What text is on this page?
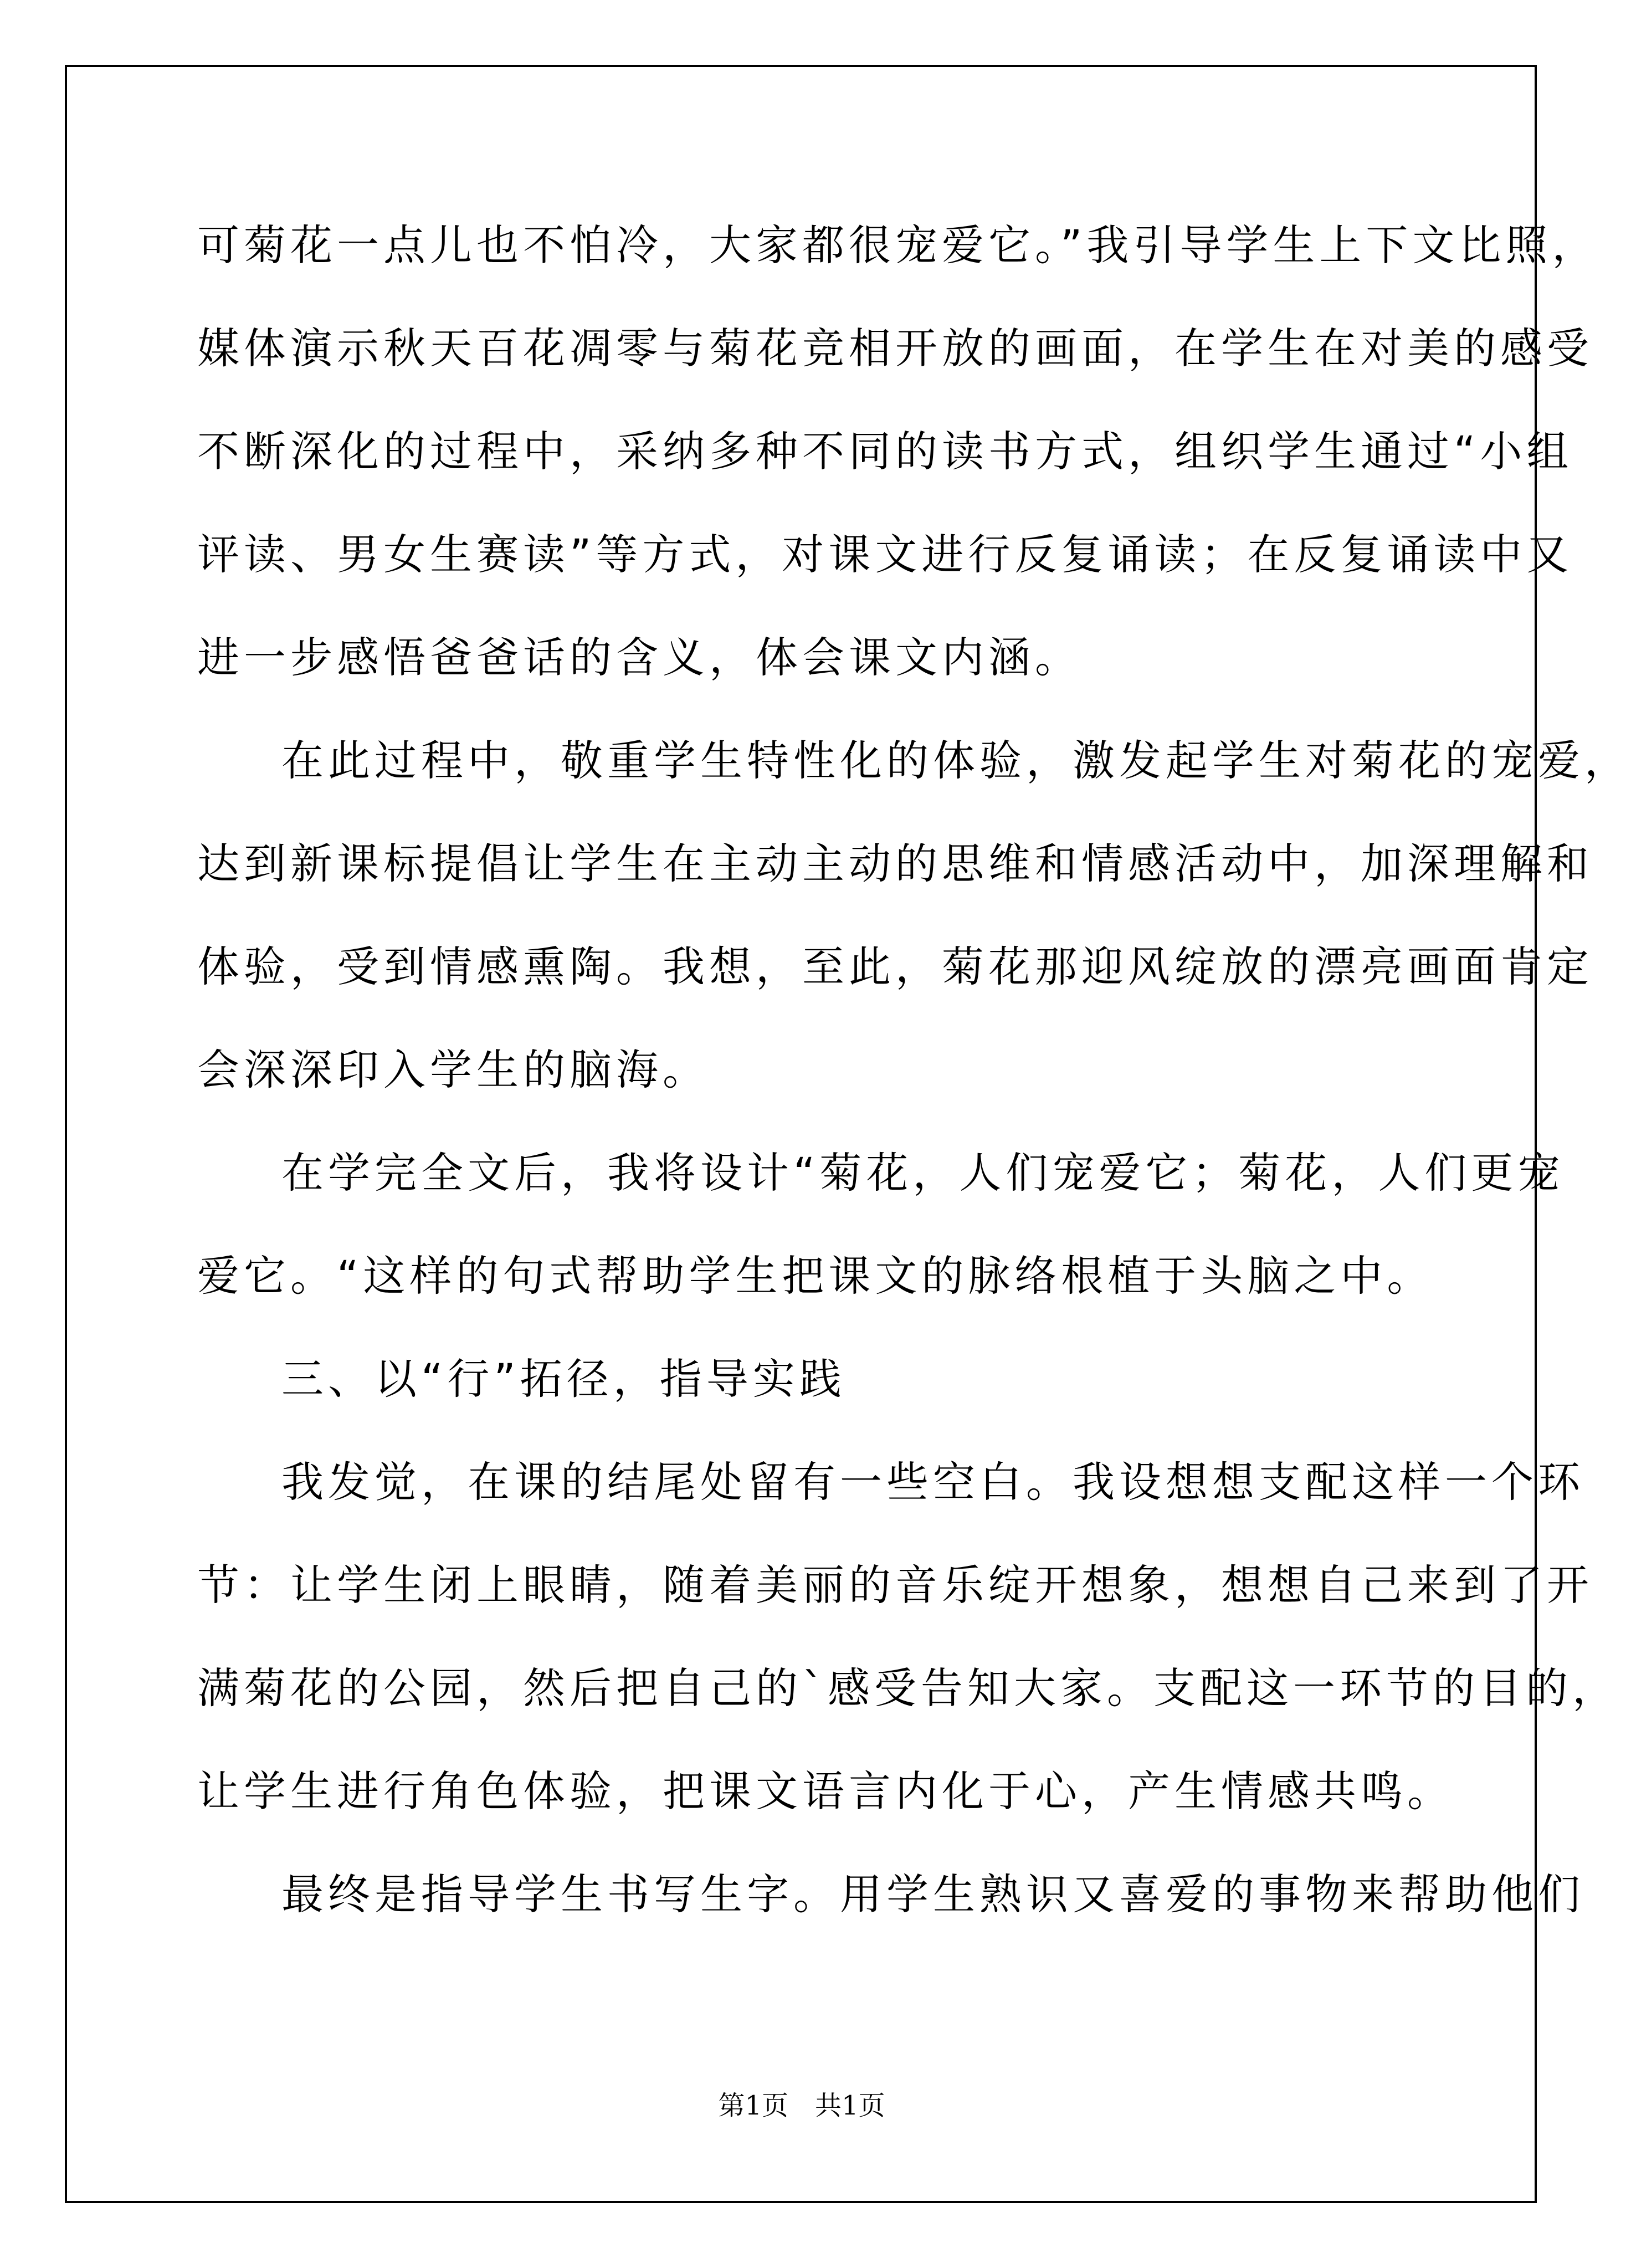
可菊花一点儿也不怕冷，大家都很宠爱它。”我引导学生上下文比照，
媒体演示秋天百花凋零与菊花竞相开放的画面，在学生在对美的感受
不断深化的过程中，采纳多种不同的读书方式，组织学生通过“小组
评读、男女生赛读”等方式，对课文进行反复诵读；在反复诵读中又
进一步感悟爸爸话的含义，体会课文内涵。
在此过程中，敬重学生特性化的体验，激发起学生对菊花的宠爱，
达到新课标提倡让学生在主动主动的思维和情感活动中，加深理解和
体验，受到情感熏陶。我想，至此，菊花那迎风绽放的漂亮画面肯定
会深深印入学生的脑海。
在学完全文后，我将设计“菊花，人们宠爱它；菊花，人们更宠
爱它。“这样的句式帮助学生把课文的脉络根植于头脑之中。
三、以“行”拓径，指导实践
我发觉，在课的结尾处留有一些空白。我设想想支配这样一个环
节：让学生闭上眼睛，随着美丽的音乐绽开想象，想想自己来到了开
满菊花的公园，然后把自己的`感受告知大家。支配这一环节的目的，
让学生进行角色体验，把课文语言内化于心，产生情感共鸣。
最终是指导学生书写生字。用学生熟识又喜爱的事物来帮助他们
第1页 共1页
